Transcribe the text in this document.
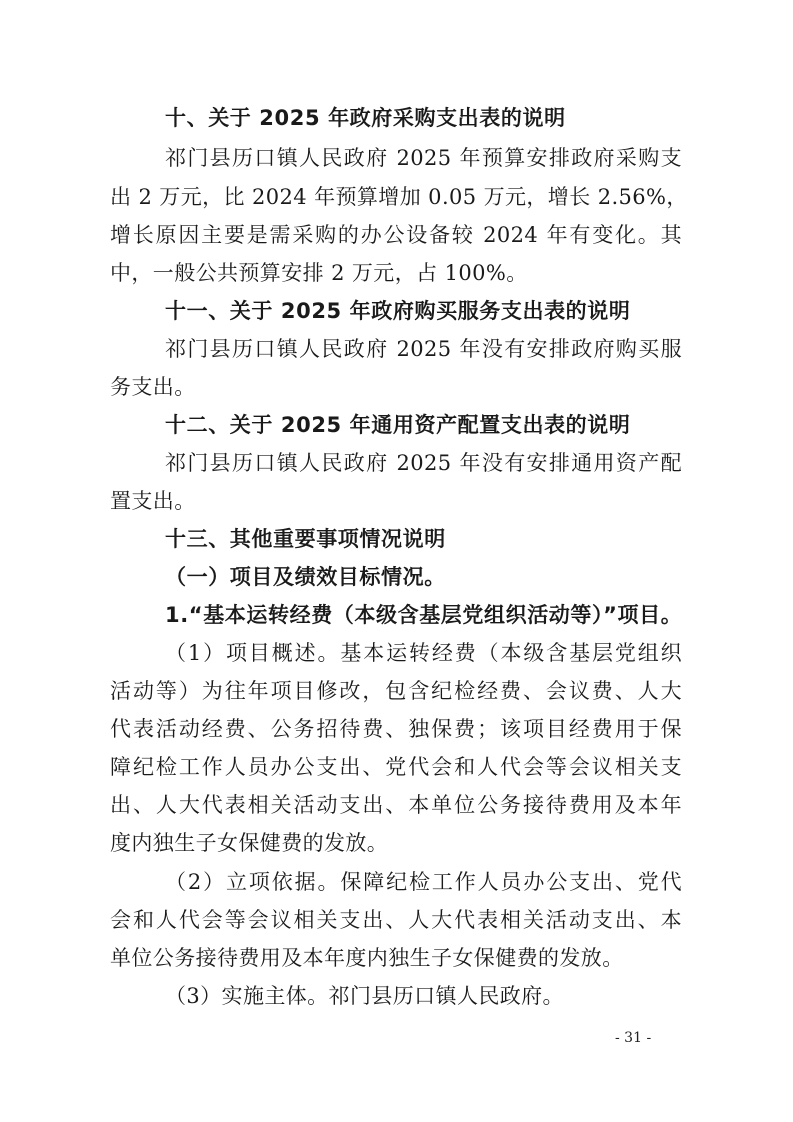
十、关于 2025 年政府采购支出表的说明
祁门县历口镇人民政府 2025 年预算安排政府采购支
出 2 万元，比 2024 年预算增加 0.05 万元，增长 2.56%，
增长原因主要是需采购的办公设备较 2024 年有变化。其
中，一般公共预算安排 2 万元，占 100%。
十一、关于 2025 年政府购买服务支出表的说明
祁门县历口镇人民政府 2025 年没有安排政府购买服
务支出。
十二、关于 2025 年通用资产配置支出表的说明
祁门县历口镇人民政府 2025 年没有安排通用资产配
置支出。
十三、其他重要事项情况说明
（一）项目及绩效目标情况。
1.“基本运转经费（本级含基层党组织活动等）”项目。
（1）项目概述。基本运转经费（本级含基层党组织
活动等）为往年项目修改，包含纪检经费、会议费、人大
代表活动经费、公务招待费、独保费；该项目经费用于保
障纪检工作人员办公支出、党代会和人代会等会议相关支
出、人大代表相关活动支出、本单位公务接待费用及本年
度内独生子女保健费的发放。
（2）立项依据。保障纪检工作人员办公支出、党代
会和人代会等会议相关支出、人大代表相关活动支出、本
单位公务接待费用及本年度内独生子女保健费的发放。
（3）实施主体。祁门县历口镇人民政府。
- 31 -
